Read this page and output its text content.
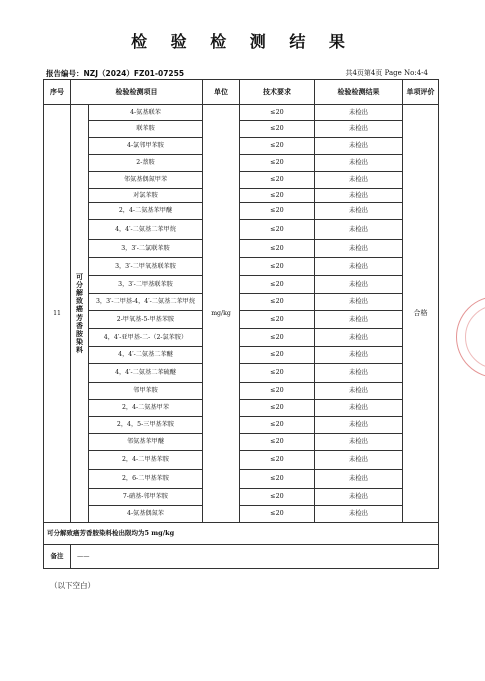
检 验 检 测 结 果
报告编号：NZJ（2024）FZ01-07255	共4页第4页 Page No:4-4
序号	检验检测项目		单位	技术要求	检验检测结果	单项评价
11	可分解致癌芳香胺染料	4-氨基联苯	mg/kg	≤20	未检出	合格
		联苯胺		≤20	未检出	
		4-氯邻甲苯胺		≤20	未检出	
		2-萘胺		≤20	未检出	
		邻氨基偶氮甲苯		≤20	未检出	
		对氯苯胺		≤20	未检出	
		2，4-二氨基苯甲醚		≤20	未检出	
		4，4′-二氨基二苯甲烷		≤20	未检出	
		3，3′-二氯联苯胺		≤20	未检出	
		3，3′-二甲氧基联苯胺		≤20	未检出	
		3，3′-二甲基联苯胺		≤20	未检出	
		3，3′-二甲基-4，4′-二氨基二苯甲烷		≤20	未检出	
		2-甲氧基-5-甲基苯胺		≤20	未检出	
		4，4′-亚甲基-二-（2-氯苯胺）		≤20	未检出	
		4，4′-二氨基二苯醚		≤20	未检出	
		4，4′-二氨基二苯硫醚		≤20	未检出	
		邻甲苯胺		≤20	未检出	
		2，4-二氨基甲苯		≤20	未检出	
		2，4，5-三甲基苯胺		≤20	未检出	
		邻氨基苯甲醚		≤20	未检出	
		2，4-二甲基苯胺		≤20	未检出	
		2，6-二甲基苯胺		≤20	未检出	
		7-硝基-邻甲苯胺		≤20	未检出	
		4-氨基偶氮苯		≤20	未检出	
可分解致癌芳香胺染料检出限均为5 mg/kg						
备注	——					
（以下空白）
